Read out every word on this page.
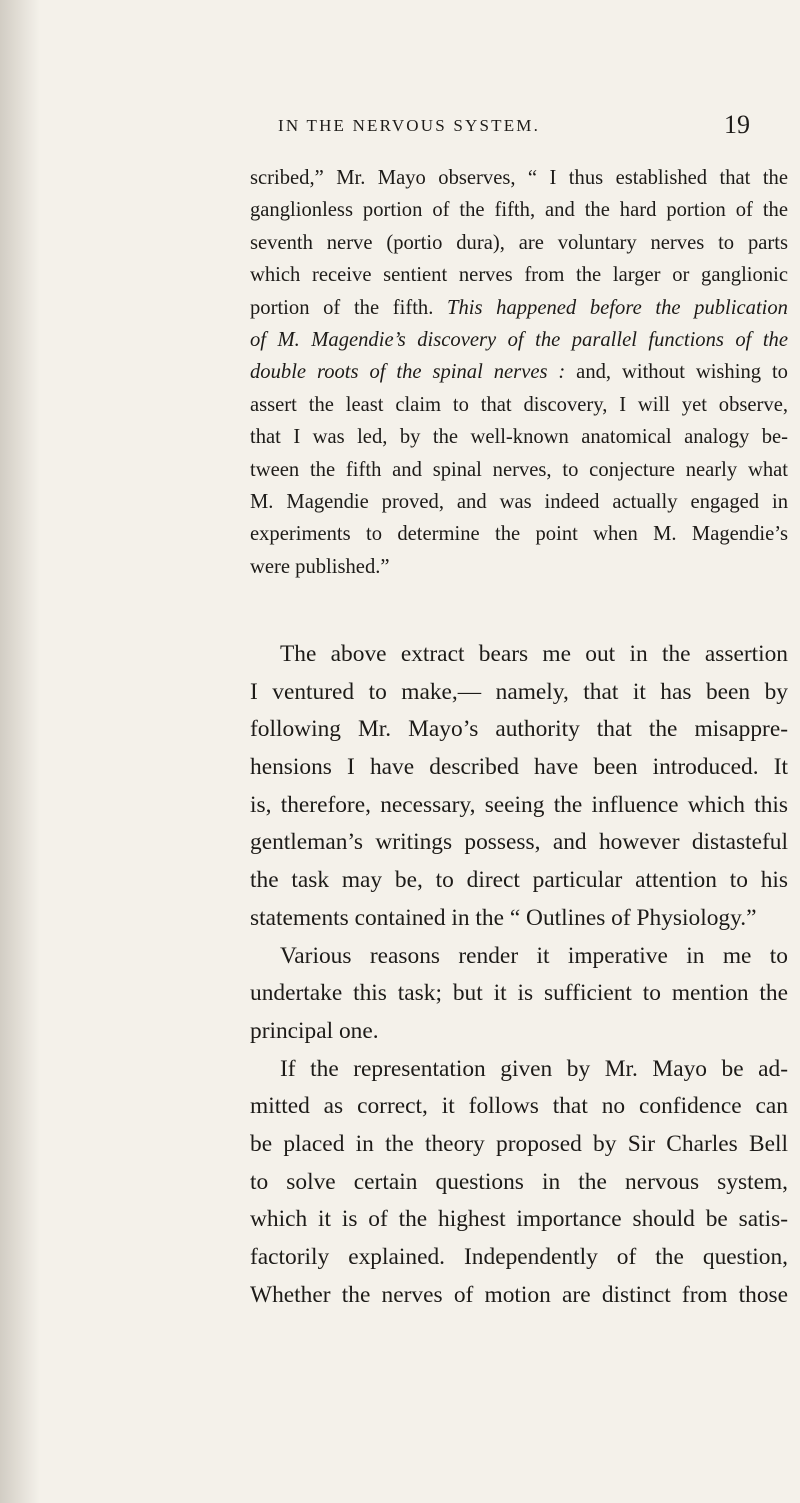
IN THE NERVOUS SYSTEM.	19
scribed,” Mr. Mayo observes, “ I thus established that the
ganglionless portion of the fifth, and the hard portion of the
seventh nerve (portio dura), are voluntary nerves to parts
which receive sentient nerves from the larger or ganglionic
portion of the fifth. This happened before the publication
of M. Magendie’s discovery of the parallel functions of the
double roots of the spinal nerves : and, without wishing to
assert the least claim to that discovery, I will yet observe,
that I was led, by the well-known anatomical analogy be-
tween the fifth and spinal nerves, to conjecture nearly what
M. Magendie proved, and was indeed actually engaged in
experiments to determine the point when M. Magendie’s
were published.”
The above extract bears me out in the assertion
I ventured to make,— namely, that it has been by
following Mr. Mayo’s authority that the misappre-
hensions I have described have been introduced. It
is, therefore, necessary, seeing the influence which this
gentleman’s writings possess, and however distasteful
the task may be, to direct particular attention to his
statements contained in the “ Outlines of Physiology.”
Various reasons render it imperative in me to
undertake this task; but it is sufficient to mention the
principal one.
If the representation given by Mr. Mayo be ad-
mitted as correct, it follows that no confidence can
be placed in the theory proposed by Sir Charles Bell
to solve certain questions in the nervous system,
which it is of the highest importance should be satis-
factorily explained. Independently of the question,
Whether the nerves of motion are distinct from those
